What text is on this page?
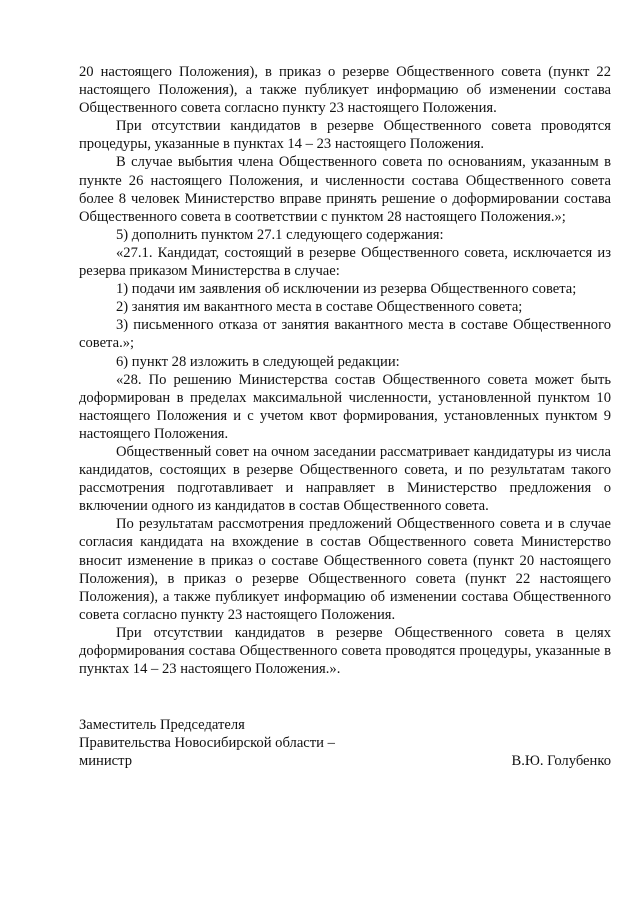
20 настоящего Положения), в приказ о резерве Общественного совета (пункт 22 настоящего Положения), а также публикует информацию об изменении состава Общественного совета согласно пункту 23 настоящего Положения.

При отсутствии кандидатов в резерве Общественного совета проводятся процедуры, указанные в пунктах 14 – 23 настоящего Положения.

В случае выбытия члена Общественного совета по основаниям, указанным в пункте 26 настоящего Положения, и численности состава Общественного совета более 8 человек Министерство вправе принять решение о доформировании состава Общественного совета в соответствии с пунктом 28 настоящего Положения.»;

5) дополнить пунктом 27.1 следующего содержания:

«27.1. Кандидат, состоящий в резерве Общественного совета, исключается из резерва приказом Министерства в случае:

1) подачи им заявления об исключении из резерва Общественного совета;

2) занятия им вакантного места в составе Общественного совета;

3) письменного отказа от занятия вакантного места в составе Общественного совета.»;

6) пункт 28 изложить в следующей редакции:

«28. По решению Министерства состав Общественного совета может быть доформирован в пределах максимальной численности, установленной пунктом 10 настоящего Положения и с учетом квот формирования, установленных пунктом 9 настоящего Положения.

Общественный совет на очном заседании рассматривает кандидатуры из числа кандидатов, состоящих в резерве Общественного совета, и по результатам такого рассмотрения подготавливает и направляет в Министерство предложения о включении одного из кандидатов в состав Общественного совета.

По результатам рассмотрения предложений Общественного совета и в случае согласия кандидата на вхождение в состав Общественного совета Министерство вносит изменение в приказ о составе Общественного совета (пункт 20 настоящего Положения), в приказ о резерве Общественного совета (пункт 22 настоящего Положения), а также публикует информацию об изменении состава Общественного совета согласно пункту 23 настоящего Положения.

При отсутствии кандидатов в резерве Общественного совета в целях доформирования состава Общественного совета проводятся процедуры, указанные в пунктах 14 – 23 настоящего Положения.».

Заместитель Председателя
Правительства Новосибирской области –
министр	В.Ю. Голубенко
